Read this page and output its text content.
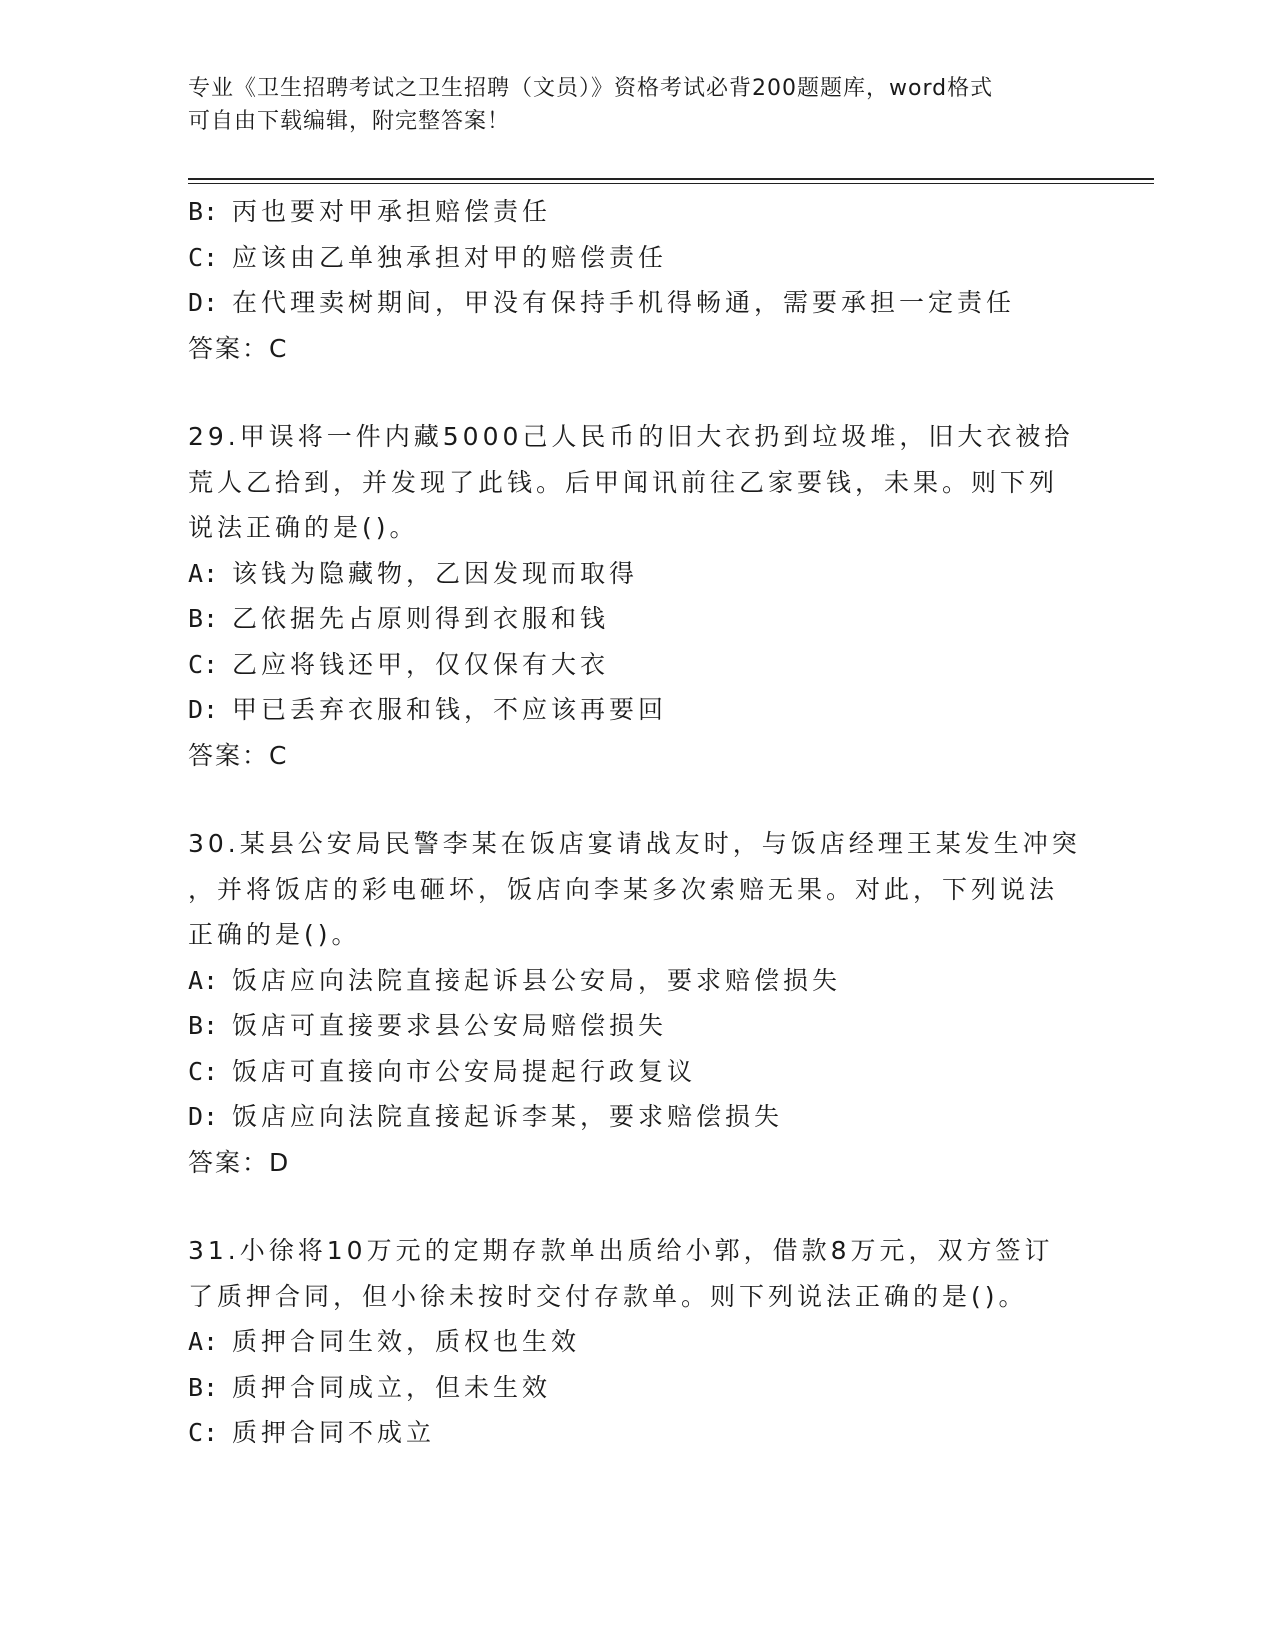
专业《卫生招聘考试之卫生招聘（文员）》资格考试必背200题题库，word格式
可自由下载编辑，附完整答案！
B: 丙也要对甲承担赔偿责任
C: 应该由乙单独承担对甲的赔偿责任
D: 在代理卖树期间，甲没有保持手机得畅通，需要承担一定责任
答案：C
29.甲误将一件内藏5000己人民币的旧大衣扔到垃圾堆，旧大衣被拾
荒人乙拾到，并发现了此钱。后甲闻讯前往乙家要钱，未果。则下列
说法正确的是()。
A: 该钱为隐藏物，乙因发现而取得
B: 乙依据先占原则得到衣服和钱
C: 乙应将钱还甲，仅仅保有大衣
D: 甲已丢弃衣服和钱，不应该再要回
答案：C
30.某县公安局民警李某在饭店宴请战友时，与饭店经理王某发生冲突
，并将饭店的彩电砸坏，饭店向李某多次索赔无果。对此，下列说法
正确的是()。
A: 饭店应向法院直接起诉县公安局，要求赔偿损失
B: 饭店可直接要求县公安局赔偿损失
C: 饭店可直接向市公安局提起行政复议
D: 饭店应向法院直接起诉李某，要求赔偿损失
答案：D
31.小徐将10万元的定期存款单出质给小郭，借款8万元，双方签订
了质押合同，但小徐未按时交付存款单。则下列说法正确的是()。
A: 质押合同生效，质权也生效
B: 质押合同成立，但未生效
C: 质押合同不成立
